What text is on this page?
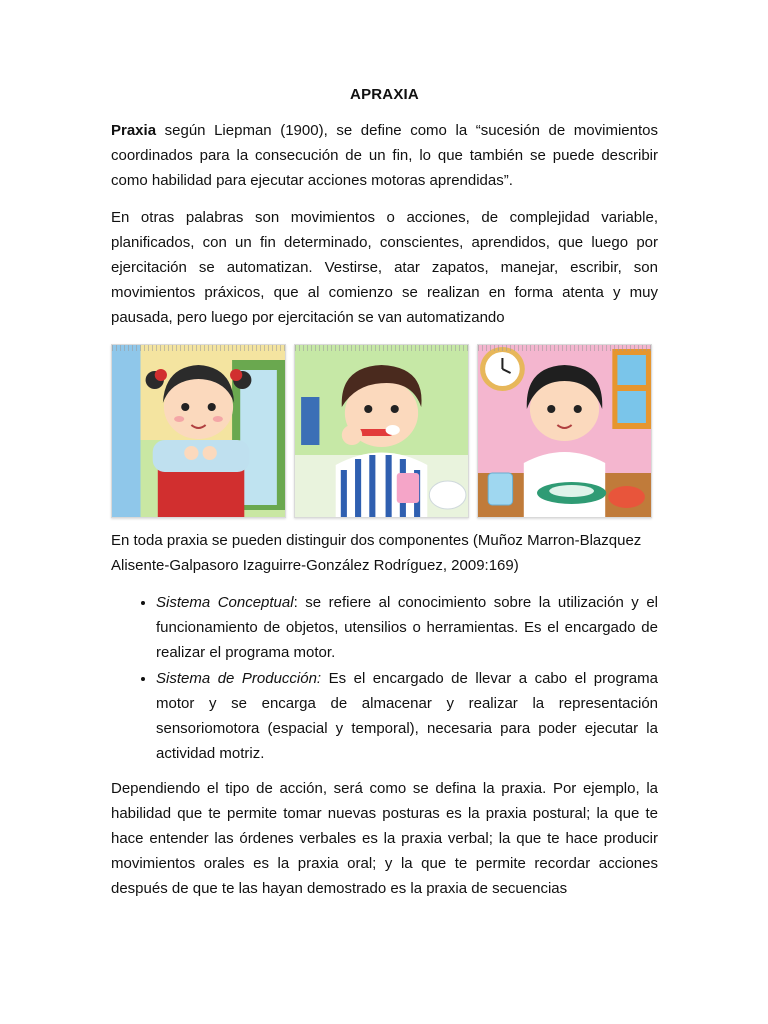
APRAXIA

Praxia según Liepman (1900), se define como la “sucesión de movimientos coordinados para la consecución de un fin, lo que también se puede describir como habilidad para ejecutar acciones motoras aprendidas”.

En otras palabras son movimientos o acciones, de complejidad variable, planificados, con un fin determinado, conscientes, aprendidos, que luego por ejercitación se automatizan. Vestirse, atar zapatos, manejar, escribir, son movimientos práxicos, que al comienzo se realizan en forma atenta y muy pausada, pero luego por ejercitación se van automatizando

En toda praxia se pueden distinguir dos componentes (Muñoz Marron-Blazquez Alisente-Galpasoro Izaguirre-González Rodríguez, 2009:169)

• Sistema Conceptual: se refiere al conocimiento sobre la utilización y el funcionamiento de objetos, utensilios o herramientas. Es el encargado de realizar el programa motor.
• Sistema de Producción: Es el encargado de llevar a cabo el programa motor y se encarga de almacenar y realizar la representación sensoriomotora (espacial y temporal), necesaria para poder ejecutar la actividad motriz.

Dependiendo el tipo de acción, será como se defina la praxia. Por ejemplo, la habilidad que te permite tomar nuevas posturas es la praxia postural; la que te hace entender las órdenes verbales es la praxia verbal; la que te hace producir movimientos orales es la praxia oral; y la que te permite recordar acciones después de que te las hayan demostrado es la praxia de secuencias
